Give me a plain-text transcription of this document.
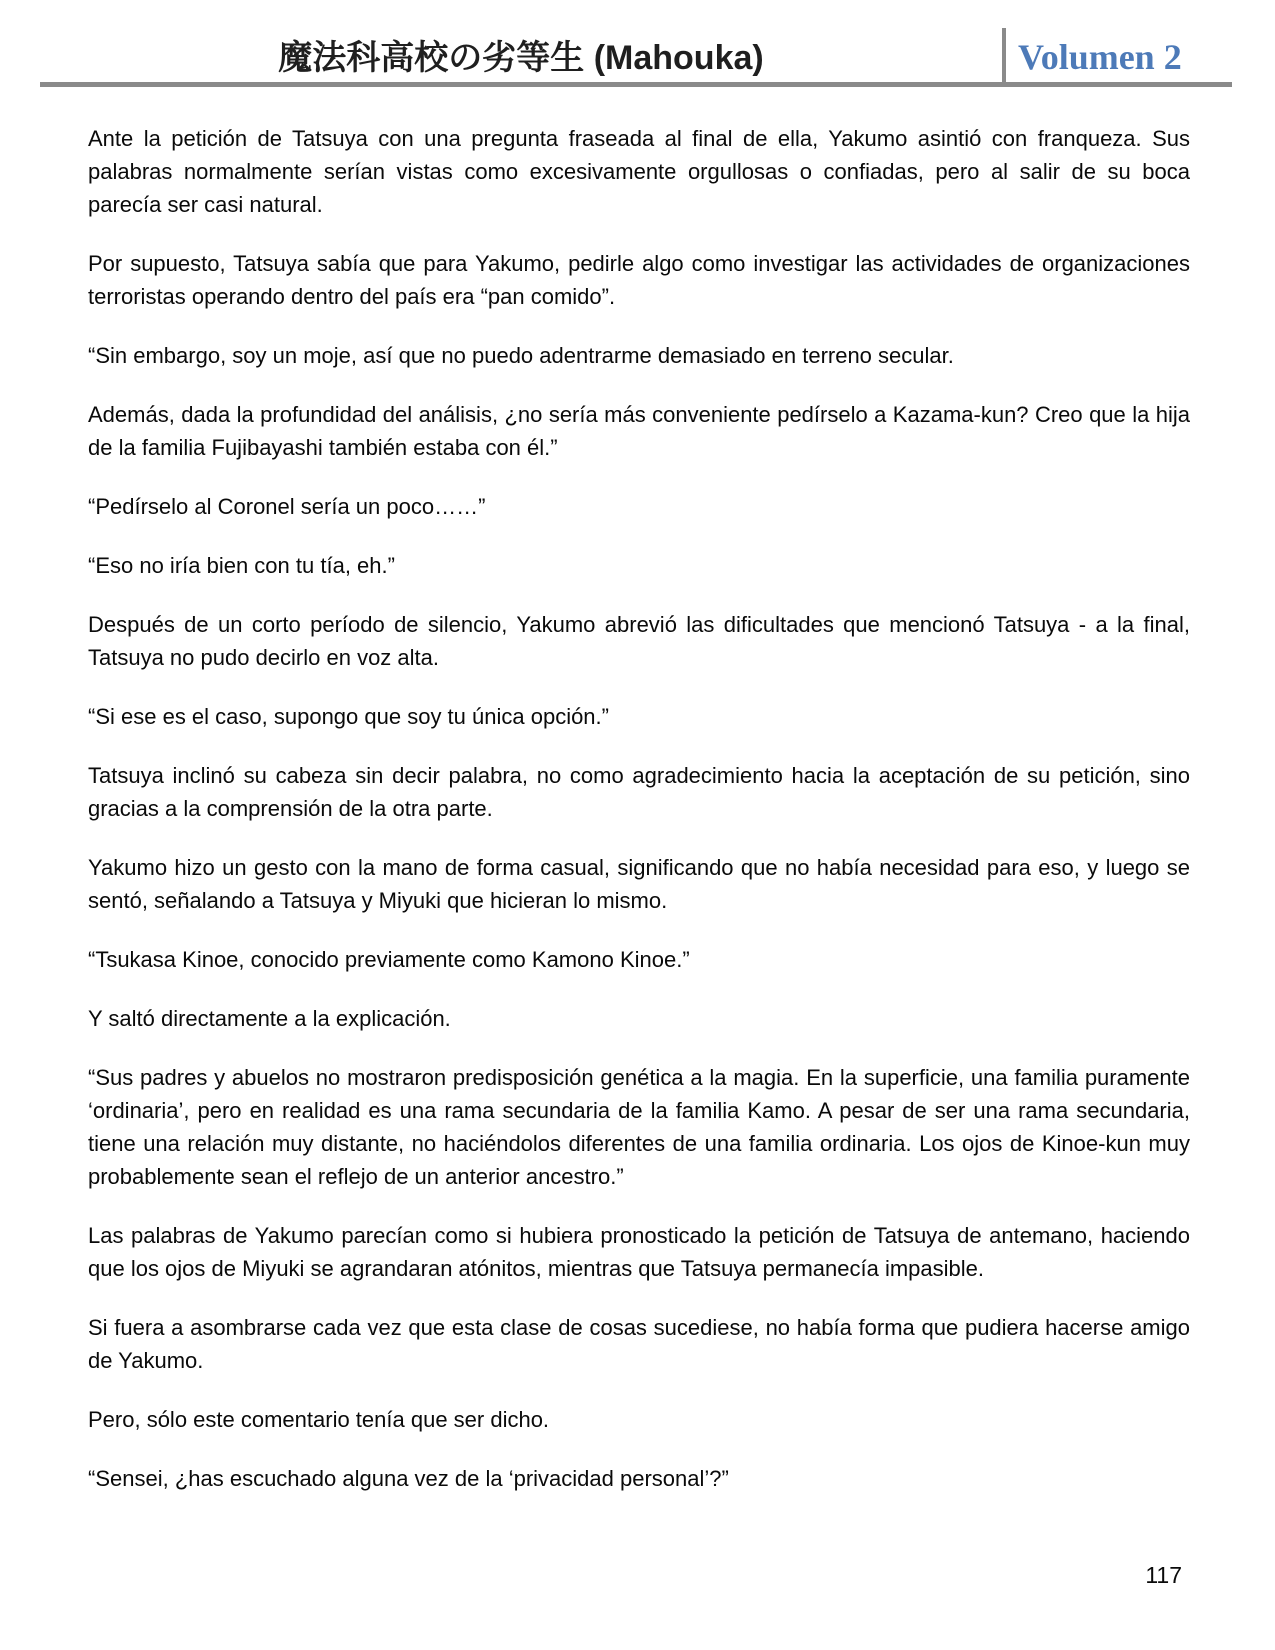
魔法科高校の劣等生 (Mahouka)	Volumen 2

Ante la petición de Tatsuya con una pregunta fraseada al final de ella, Yakumo asintió con franqueza. Sus palabras normalmente serían vistas como excesivamente orgullosas o confiadas, pero al salir de su boca parecía ser casi natural.

Por supuesto, Tatsuya sabía que para Yakumo, pedirle algo como investigar las actividades de organizaciones terroristas operando dentro del país era “pan comido”.

“Sin embargo, soy un moje, así que no puedo adentrarme demasiado en terreno secular.

Además, dada la profundidad del análisis, ¿no sería más conveniente pedírselo a Kazama-kun? Creo que la hija de la familia Fujibayashi también estaba con él.”

“Pedírselo al Coronel sería un poco……”

“Eso no iría bien con tu tía, eh.”

Después de un corto período de silencio, Yakumo abrevió las dificultades que mencionó Tatsuya - a la final, Tatsuya no pudo decirlo en voz alta.

“Si ese es el caso, supongo que soy tu única opción.”

Tatsuya inclinó su cabeza sin decir palabra, no como agradecimiento hacia la aceptación de su petición, sino gracias a la comprensión de la otra parte.

Yakumo hizo un gesto con la mano de forma casual, significando que no había necesidad para eso, y luego se sentó, señalando a Tatsuya y Miyuki que hicieran lo mismo.

“Tsukasa Kinoe, conocido previamente como Kamono Kinoe.”

Y saltó directamente a la explicación.

“Sus padres y abuelos no mostraron predisposición genética a la magia. En la superficie, una familia puramente ‘ordinaria’, pero en realidad es una rama secundaria de la familia Kamo. A pesar de ser una rama secundaria, tiene una relación muy distante, no haciéndolos diferentes de una familia ordinaria. Los ojos de Kinoe-kun muy probablemente sean el reflejo de un anterior ancestro.”

Las palabras de Yakumo parecían como si hubiera pronosticado la petición de Tatsuya de antemano, haciendo que los ojos de Miyuki se agrandaran atónitos, mientras que Tatsuya permanecía impasible.

Si fuera a asombrarse cada vez que esta clase de cosas sucediese, no había forma que pudiera hacerse amigo de Yakumo.

Pero, sólo este comentario tenía que ser dicho.

“Sensei, ¿has escuchado alguna vez de la ‘privacidad personal’?”

117
